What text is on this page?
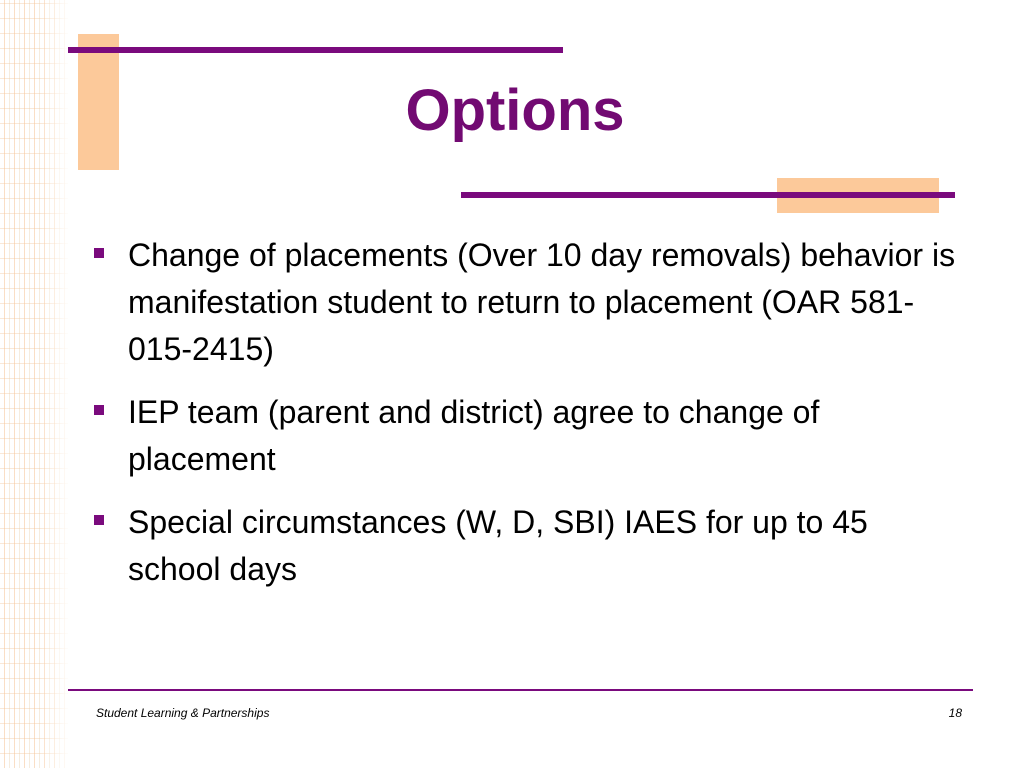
Options
Change of placements (Over 10 day removals) behavior is manifestation student to return to placement (OAR 581-015-2415)
IEP team (parent and district) agree to change of placement
Special circumstances (W, D, SBI) IAES for up to 45 school days
Student Learning & Partnerships	18
